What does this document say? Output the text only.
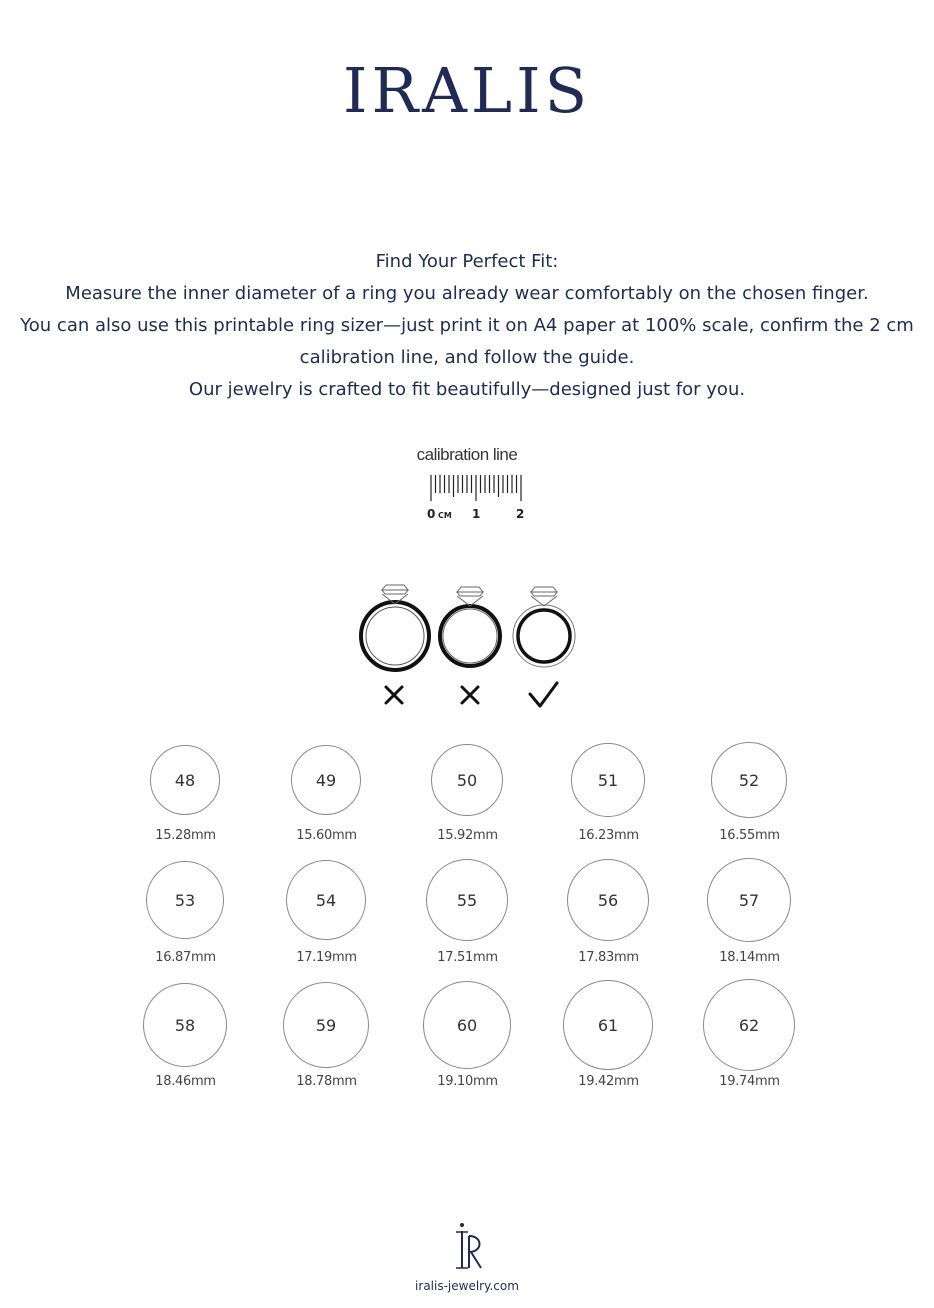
IRALIS
Find Your Perfect Fit:
Measure the inner diameter of a ring you already wear comfortably on the chosen finger.
You can also use this printable ring sizer—just print it on A4 paper at 100% scale, confirm the 2 cm
calibration line, and follow the guide.
Our jewelry is crafted to fit beautifully—designed just for you.
calibration line
0 CM 1	2
48
15.28mm
49
15.60mm
50
15.92mm
51
16.23mm
52
16.55mm
53
16.87mm
54
17.19mm
55
17.51mm
56
17.83mm
57
18.14mm
58
18.46mm
59
18.78mm
60
19.10mm
61
19.42mm
62
19.74mm
iralis-jewelry.com
